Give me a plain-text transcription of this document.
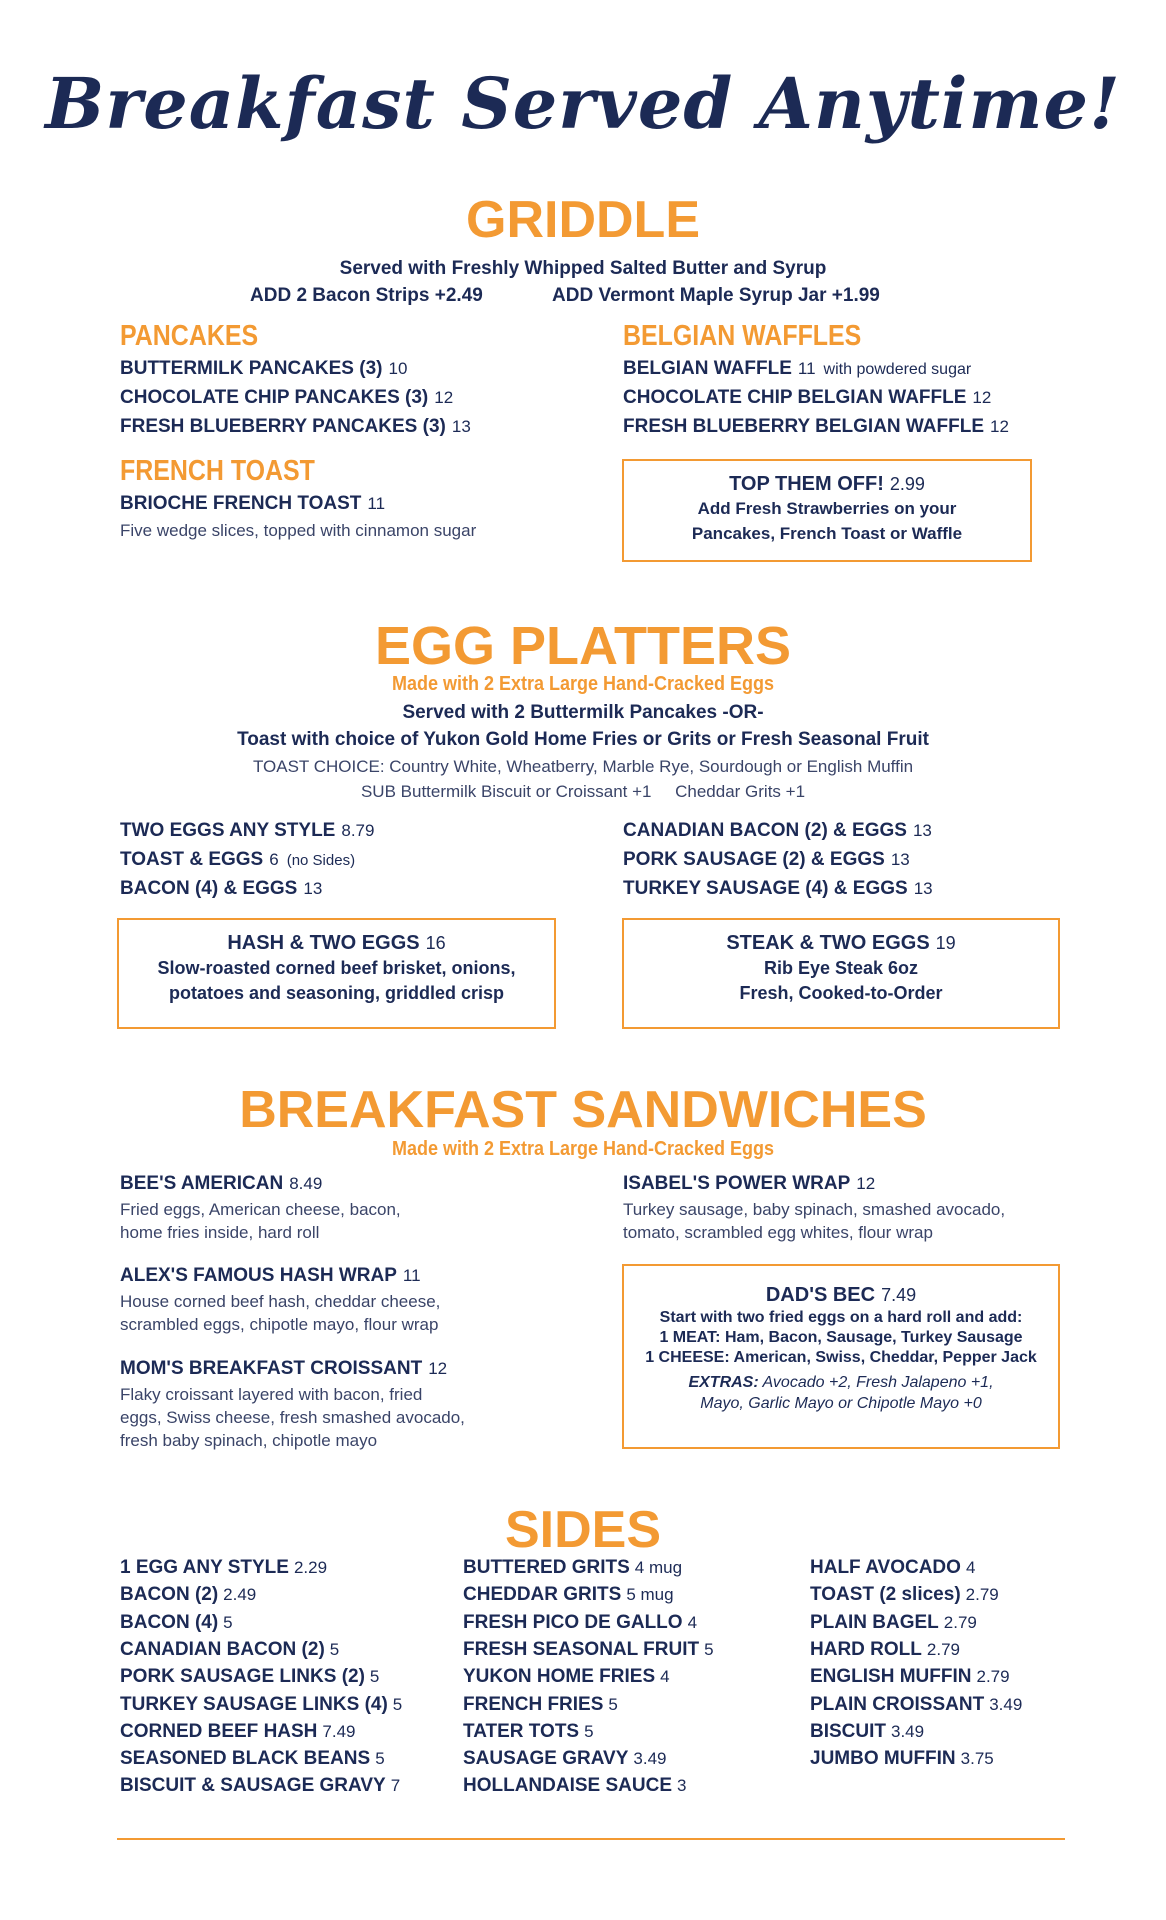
Breakfast Served Anytime!
GRIDDLE
Served with Freshly Whipped Salted Butter and Syrup
ADD 2 Bacon Strips +2.49	ADD Vermont Maple Syrup Jar +1.99
PANCAKES
BUTTERMILK PANCAKES (3) 10
CHOCOLATE CHIP PANCAKES (3) 12
FRESH BLUEBERRY PANCAKES (3) 13
BELGIAN WAFFLES
BELGIAN WAFFLE 11 with powdered sugar
CHOCOLATE CHIP BELGIAN WAFFLE 12
FRESH BLUEBERRY BELGIAN WAFFLE 12
FRENCH TOAST
BRIOCHE FRENCH TOAST 11
Five wedge slices, topped with cinnamon sugar
TOP THEM OFF! 2.99
Add Fresh Strawberries on your
Pancakes, French Toast or Waffle
EGG PLATTERS
Made with 2 Extra Large Hand-Cracked Eggs
Served with 2 Buttermilk Pancakes -OR-
Toast with choice of Yukon Gold Home Fries or Grits or Fresh Seasonal Fruit
TOAST CHOICE: Country White, Wheatberry, Marble Rye, Sourdough or English Muffin
SUB Buttermilk Biscuit or Croissant +1     Cheddar Grits +1
TWO EGGS ANY STYLE 8.79
TOAST & EGGS 6 (no Sides)
BACON (4) & EGGS 13
CANADIAN BACON (2) & EGGS 13
PORK SAUSAGE (2) & EGGS 13
TURKEY SAUSAGE (4) & EGGS 13
HASH & TWO EGGS 16
Slow-roasted corned beef brisket, onions,
potatoes and seasoning, griddled crisp
STEAK & TWO EGGS 19
Rib Eye Steak 6oz
Fresh, Cooked-to-Order
BREAKFAST SANDWICHES
Made with 2 Extra Large Hand-Cracked Eggs
BEE'S AMERICAN 8.49
Fried eggs, American cheese, bacon,
home fries inside, hard roll
ALEX'S FAMOUS HASH WRAP 11
House corned beef hash, cheddar cheese,
scrambled eggs, chipotle mayo, flour wrap
MOM'S BREAKFAST CROISSANT 12
Flaky croissant layered with bacon, fried
eggs, Swiss cheese, fresh smashed avocado,
fresh baby spinach, chipotle mayo
ISABEL'S POWER WRAP 12
Turkey sausage, baby spinach, smashed avocado,
tomato, scrambled egg whites, flour wrap
DAD'S BEC 7.49
Start with two fried eggs on a hard roll and add:
1 MEAT: Ham, Bacon, Sausage, Turkey Sausage
1 CHEESE: American, Swiss, Cheddar, Pepper Jack
EXTRAS: Avocado +2, Fresh Jalapeno +1,
Mayo, Garlic Mayo or Chipotle Mayo +0
SIDES
1 EGG ANY STYLE 2.29
BACON (2) 2.49
BACON (4) 5
CANADIAN BACON (2) 5
PORK SAUSAGE LINKS (2) 5
TURKEY SAUSAGE LINKS (4) 5
CORNED BEEF HASH 7.49
SEASONED BLACK BEANS 5
BISCUIT & SAUSAGE GRAVY 7
BUTTERED GRITS 4 mug
CHEDDAR GRITS 5 mug
FRESH PICO DE GALLO 4
FRESH SEASONAL FRUIT 5
YUKON HOME FRIES 4
FRENCH FRIES 5
TATER TOTS 5
SAUSAGE GRAVY 3.49
HOLLANDAISE SAUCE 3
HALF AVOCADO 4
TOAST (2 slices) 2.79
PLAIN BAGEL 2.79
HARD ROLL 2.79
ENGLISH MUFFIN 2.79
PLAIN CROISSANT 3.49
BISCUIT 3.49
JUMBO MUFFIN 3.75
